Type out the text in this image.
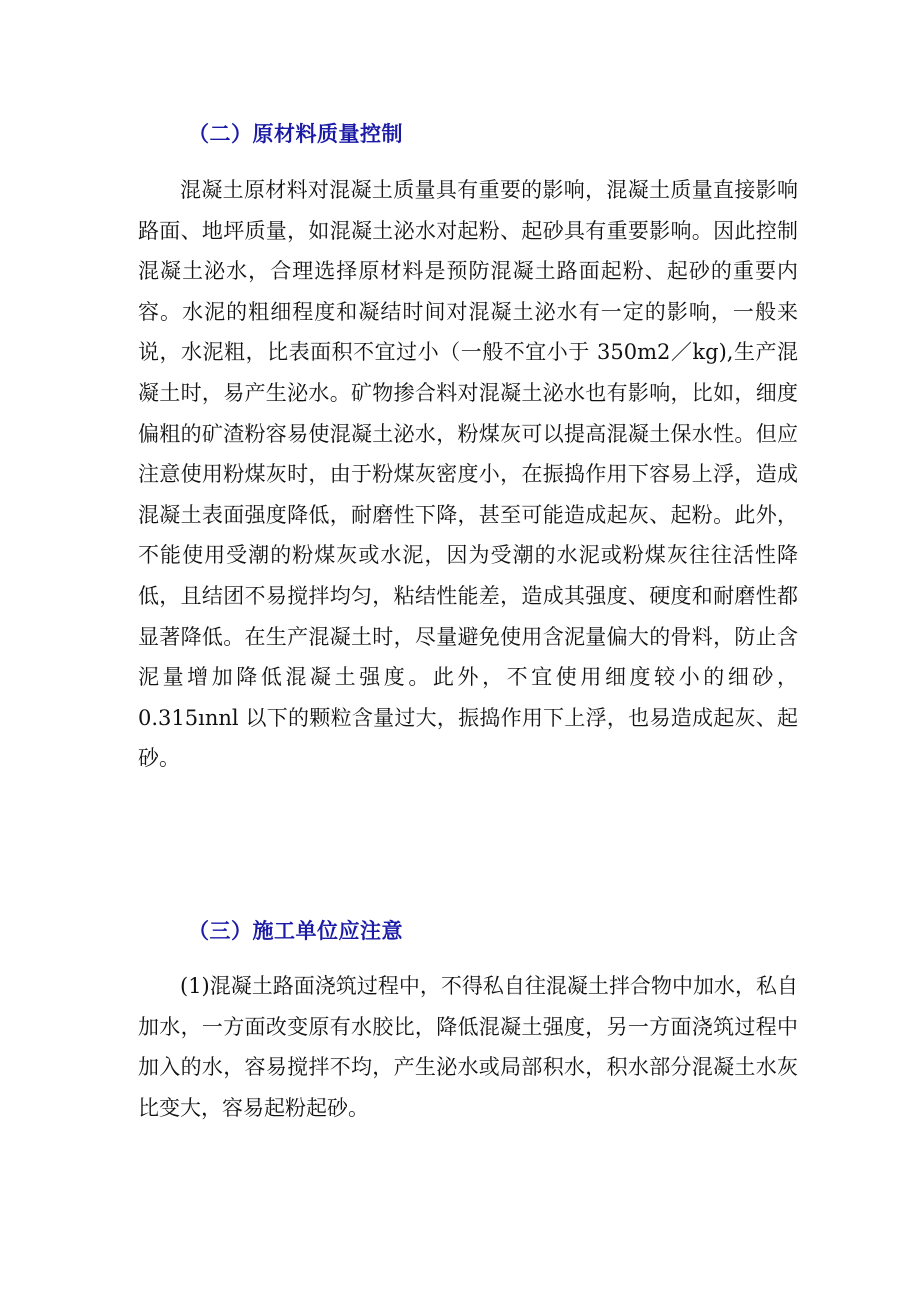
（二）原材料质量控制

混凝土原材料对混凝土质量具有重要的影响，混凝土质量直接影响路面、地坪质量，如混凝土泌水对起粉、起砂具有重要影响。因此控制混凝土泌水，合理选择原材料是预防混凝土路面起粉、起砂的重要内容。水泥的粗细程度和凝结时间对混凝土泌水有一定的影响，一般来说，水泥粗，比表面积不宜过小（一般不宜小于 350m2／kg),生产混凝土时，易产生泌水。矿物掺合料对混凝土泌水也有影响，比如，细度偏粗的矿渣粉容易使混凝土泌水，粉煤灰可以提高混凝土保水性。但应注意使用粉煤灰时，由于粉煤灰密度小，在振捣作用下容易上浮，造成混凝土表面强度降低，耐磨性下降，甚至可能造成起灰、起粉。此外，不能使用受潮的粉煤灰或水泥，因为受潮的水泥或粉煤灰往往活性降低，且结团不易搅拌均匀，粘结性能差，造成其强度、硬度和耐磨性都显著降低。在生产混凝土时，尽量避免使用含泥量偏大的骨料，防止含泥量增加降低混凝土强度。此外，不宜使用细度较小的细砂，0.315ınnl 以下的颗粒含量过大，振捣作用下上浮，也易造成起灰、起砂。

（三）施工单位应注意

(1)混凝土路面浇筑过程中，不得私自往混凝土拌合物中加水，私自加水，一方面改变原有水胶比，降低混凝土强度，另一方面浇筑过程中加入的水，容易搅拌不均，产生泌水或局部积水，积水部分混凝土水灰比变大，容易起粉起砂。
